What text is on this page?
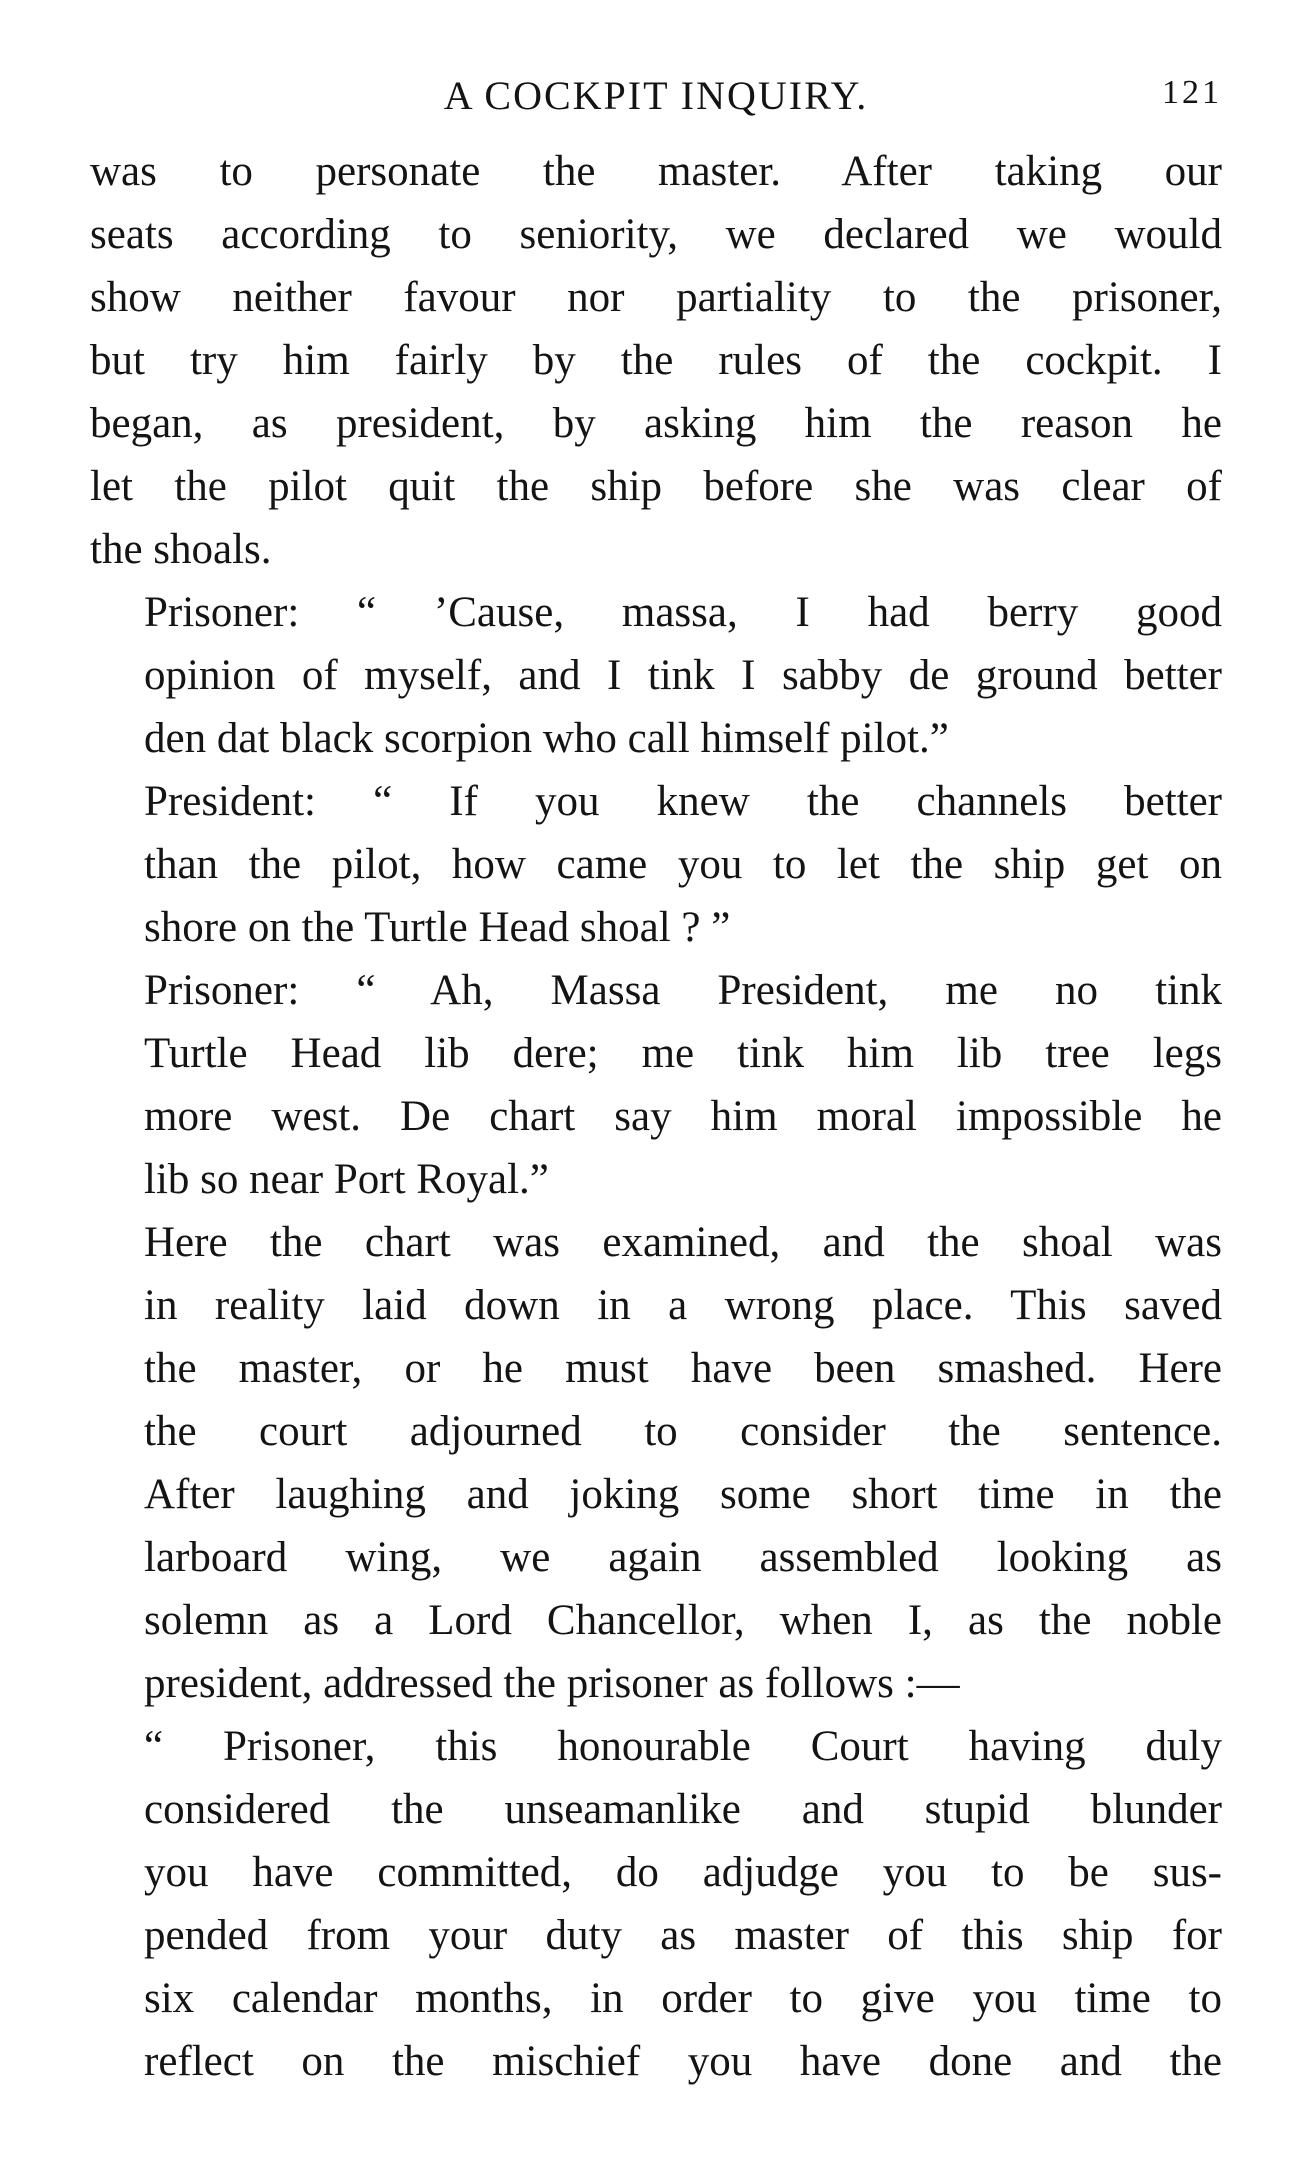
A COCKPIT INQUIRY.	121

was to personate the master. After taking our
seats according to seniority, we declared we would
show neither favour nor partiality to the prisoner,
but try him fairly by the rules of the cockpit. I
began, as president, by asking him the reason he
let the pilot quit the ship before she was clear of
the shoals.

Prisoner: “ ’Cause, massa, I had berry good
opinion of myself, and I tink I sabby de ground better
den dat black scorpion who call himself pilot.”

President: “ If you knew the channels better
than the pilot, how came you to let the ship get on
shore on the Turtle Head shoal ? ”

Prisoner: “ Ah, Massa President, me no tink
Turtle Head lib dere; me tink him lib tree legs
more west. De chart say him moral impossible he
lib so near Port Royal.”

Here the chart was examined, and the shoal was
in reality laid down in a wrong place. This saved
the master, or he must have been smashed. Here
the court adjourned to consider the sentence.
After laughing and joking some short time in the
larboard wing, we again assembled looking as
solemn as a Lord Chancellor, when I, as the noble
president, addressed the prisoner as follows :—

“ Prisoner, this honourable Court having duly
considered the unseamanlike and stupid blunder
you have committed, do adjudge you to be sus-
pended from your duty as master of this ship for
six calendar months, in order to give you time to
reflect on the mischief you have done and the
